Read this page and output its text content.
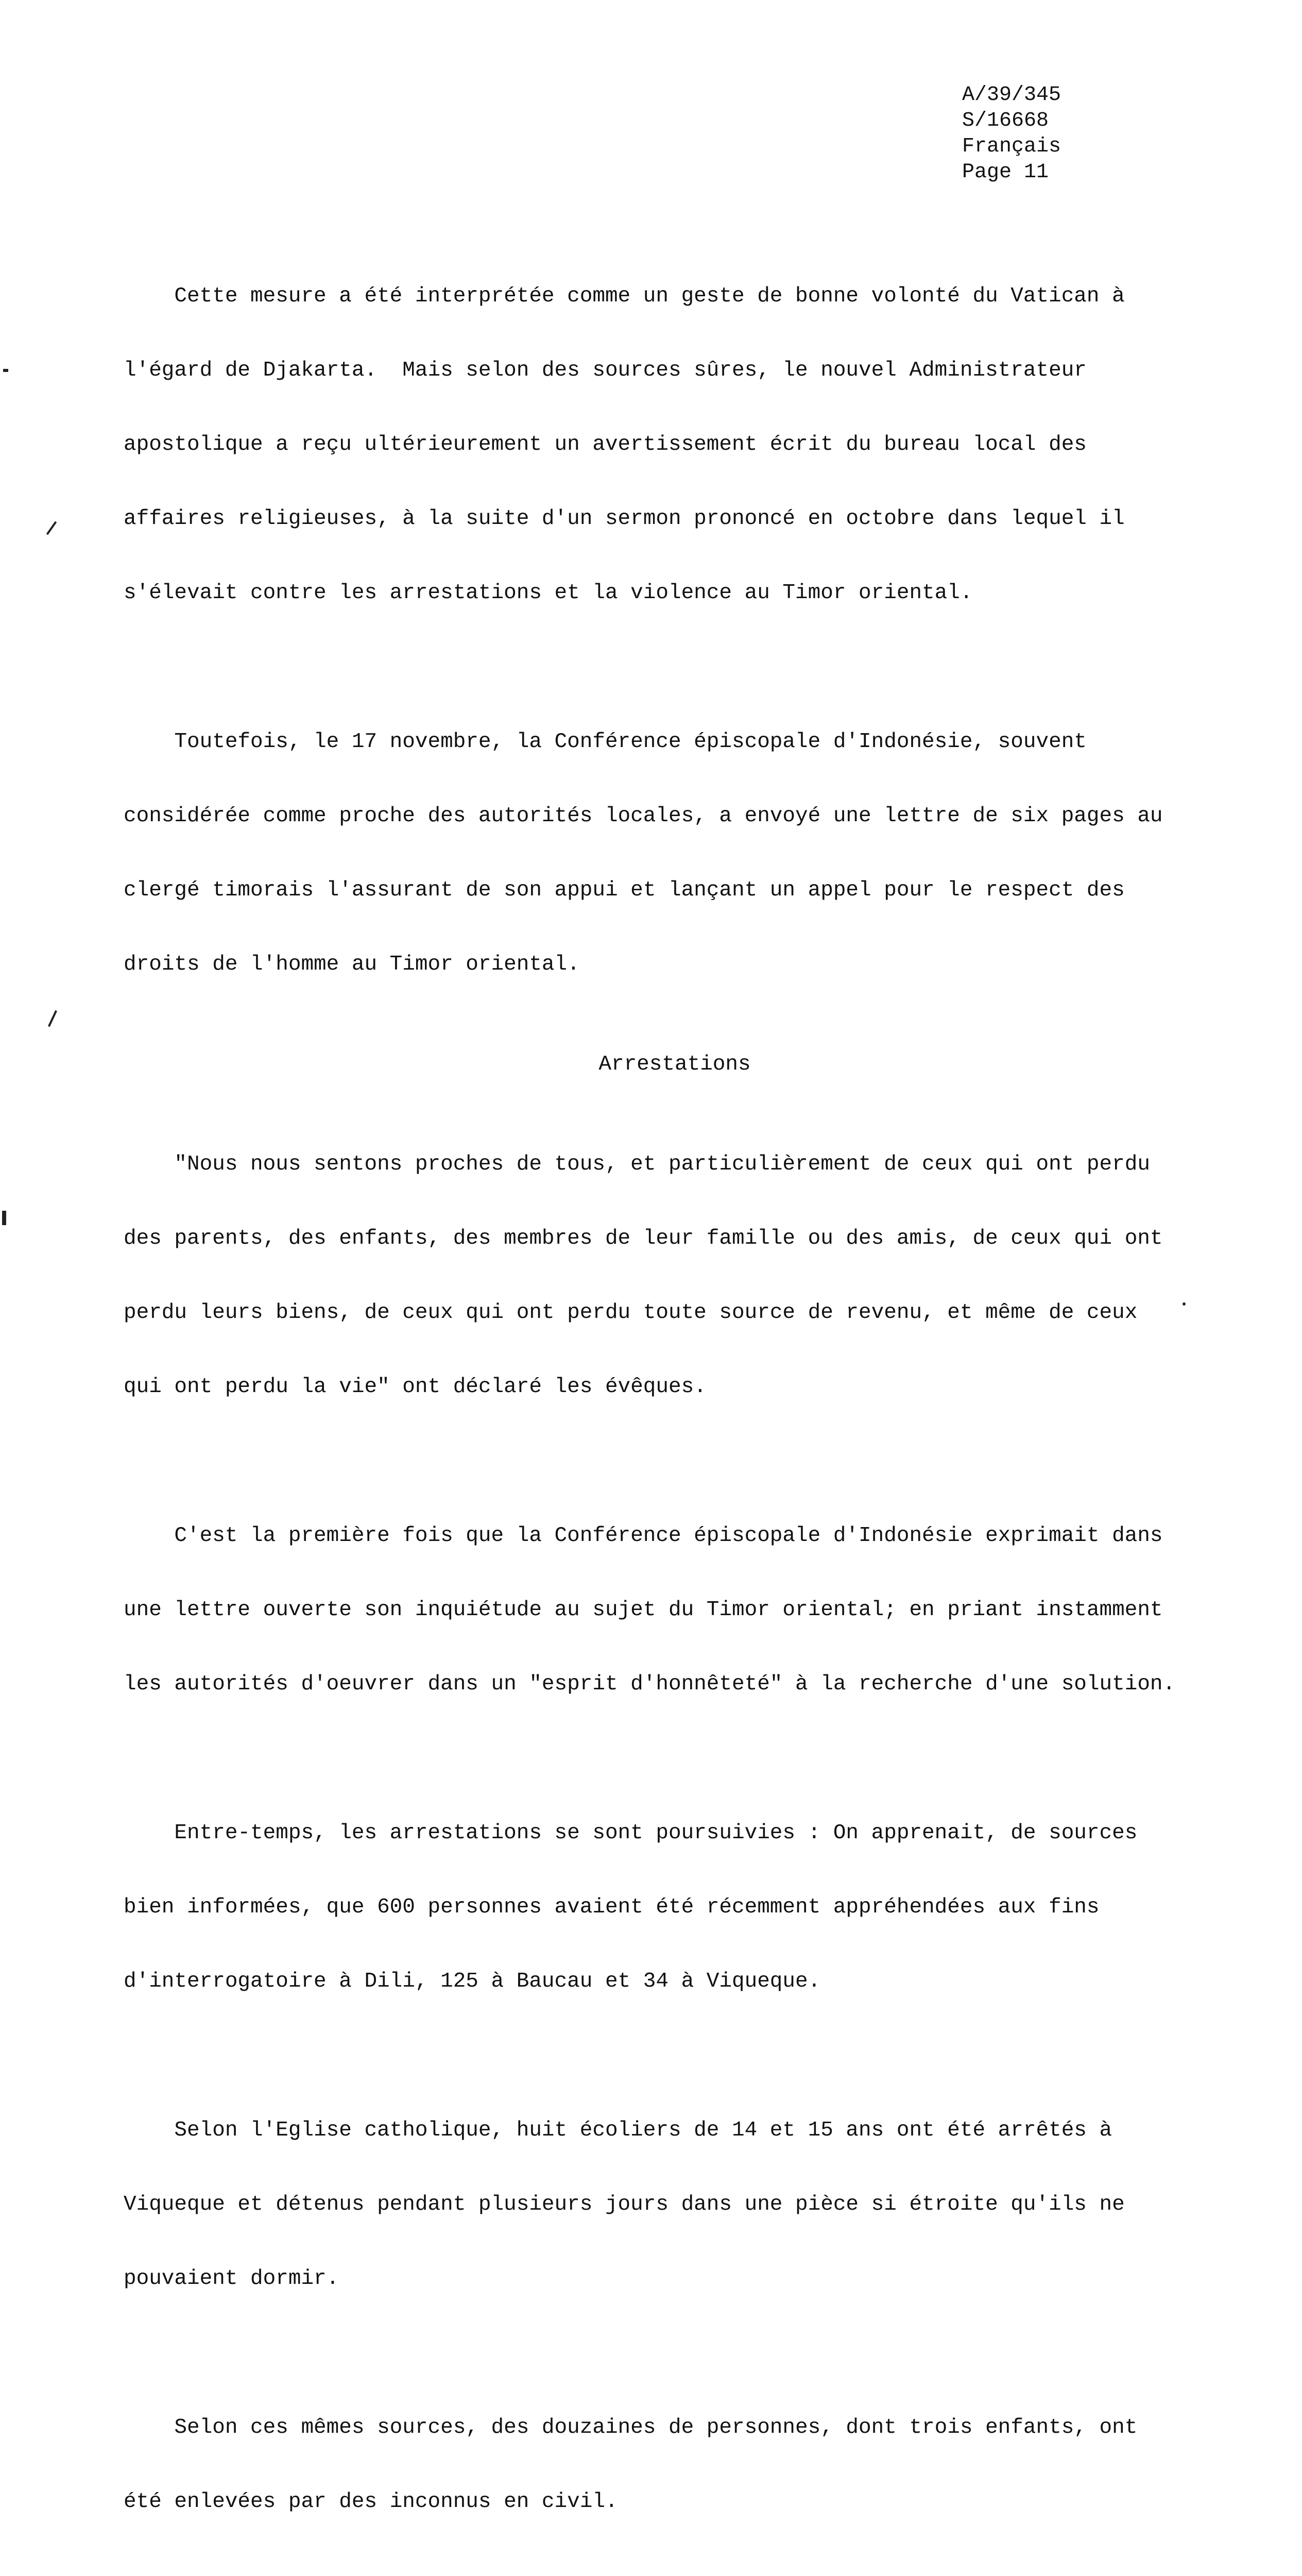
A/39/345
S/16668
Français
Page 11

Cette mesure a été interprétée comme un geste de bonne volonté du Vatican à

l'égard de Djakarta.  Mais selon des sources sûres, le nouvel Administrateur

apostolique a reçu ultérieurement un avertissement écrit du bureau local des

affaires religieuses, à la suite d'un sermon prononcé en octobre dans lequel il

s'élevait contre les arrestations et la violence au Timor oriental.

Toutefois, le 17 novembre, la Conférence épiscopale d'Indonésie, souvent

considérée comme proche des autorités locales, a envoyé une lettre de six pages au

clergé timorais l'assurant de son appui et lançant un appel pour le respect des

droits de l'homme au Timor oriental.

Arrestations

"Nous nous sentons proches de tous, et particulièrement de ceux qui ont perdu

des parents, des enfants, des membres de leur famille ou des amis, de ceux qui ont

perdu leurs biens, de ceux qui ont perdu toute source de revenu, et même de ceux

qui ont perdu la vie" ont déclaré les évêques.

C'est la première fois que la Conférence épiscopale d'Indonésie exprimait dans

une lettre ouverte son inquiétude au sujet du Timor oriental; en priant instamment

les autorités d'oeuvrer dans un "esprit d'honnêteté" à la recherche d'une solution.

Entre-temps, les arrestations se sont poursuivies : On apprenait, de sources

bien informées, que 600 personnes avaient été récemment appréhendées aux fins

d'interrogatoire à Dili, 125 à Baucau et 34 à Viqueque.

Selon l'Eglise catholique, huit écoliers de 14 et 15 ans ont été arrêtés à

Viqueque et détenus pendant plusieurs jours dans une pièce si étroite qu'ils ne

pouvaient dormir.

Selon ces mêmes sources, des douzaines de personnes, dont trois enfants, ont

été enlevées par des inconnus en civil.
